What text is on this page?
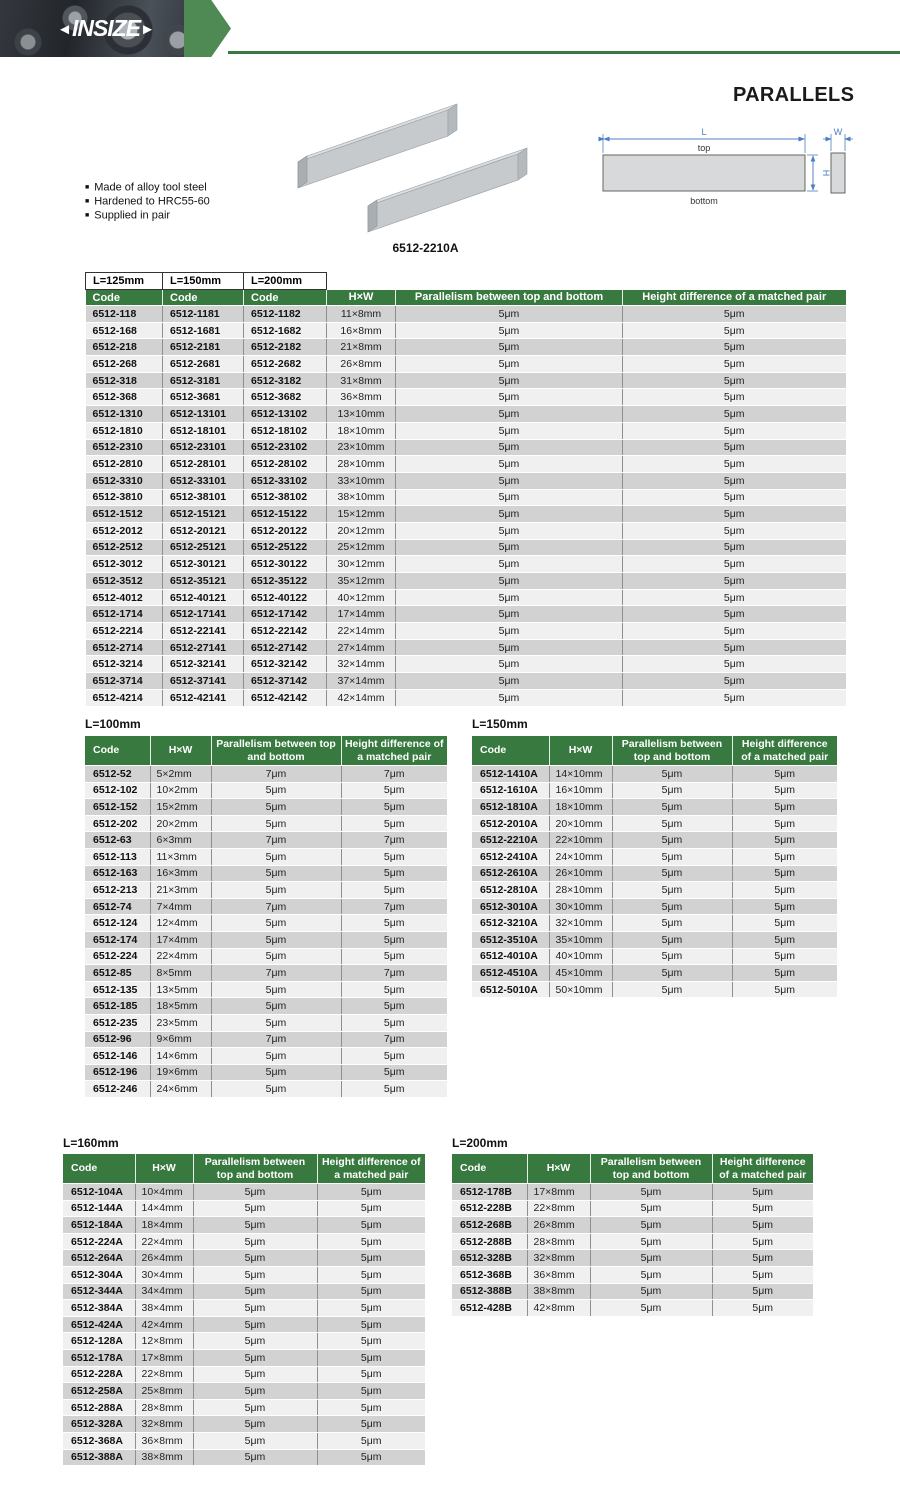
◄INSIZE►
PARALLELS
■ Made of alloy tool steel
■ Hardened to HRC55-60
■ Supplied in pair
6512-2210A
L
top
bottom
H
W
L=125mm	L=150mm	L=200mm			
Code	Code	Code	H×W	Parallelism between top and bottom	Height difference of a matched pair
6512-118	6512-1181	6512-1182	11×8mm	5μm	5μm
6512-168	6512-1681	6512-1682	16×8mm	5μm	5μm
6512-218	6512-2181	6512-2182	21×8mm	5μm	5μm
6512-268	6512-2681	6512-2682	26×8mm	5μm	5μm
6512-318	6512-3181	6512-3182	31×8mm	5μm	5μm
6512-368	6512-3681	6512-3682	36×8mm	5μm	5μm
6512-1310	6512-13101	6512-13102	13×10mm	5μm	5μm
6512-1810	6512-18101	6512-18102	18×10mm	5μm	5μm
6512-2310	6512-23101	6512-23102	23×10mm	5μm	5μm
6512-2810	6512-28101	6512-28102	28×10mm	5μm	5μm
6512-3310	6512-33101	6512-33102	33×10mm	5μm	5μm
6512-3810	6512-38101	6512-38102	38×10mm	5μm	5μm
6512-1512	6512-15121	6512-15122	15×12mm	5μm	5μm
6512-2012	6512-20121	6512-20122	20×12mm	5μm	5μm
6512-2512	6512-25121	6512-25122	25×12mm	5μm	5μm
6512-3012	6512-30121	6512-30122	30×12mm	5μm	5μm
6512-3512	6512-35121	6512-35122	35×12mm	5μm	5μm
6512-4012	6512-40121	6512-40122	40×12mm	5μm	5μm
6512-1714	6512-17141	6512-17142	17×14mm	5μm	5μm
6512-2214	6512-22141	6512-22142	22×14mm	5μm	5μm
6512-2714	6512-27141	6512-27142	27×14mm	5μm	5μm
6512-3214	6512-32141	6512-32142	32×14mm	5μm	5μm
6512-3714	6512-37141	6512-37142	37×14mm	5μm	5μm
6512-4214	6512-42141	6512-42142	42×14mm	5μm	5μm
L=100mm
Code	H×W	Parallelism between top and bottom	Height difference of a matched pair
6512-52	5×2mm	7μm	7μm
6512-102	10×2mm	5μm	5μm
6512-152	15×2mm	5μm	5μm
6512-202	20×2mm	5μm	5μm
6512-63	6×3mm	7μm	7μm
6512-113	11×3mm	5μm	5μm
6512-163	16×3mm	5μm	5μm
6512-213	21×3mm	5μm	5μm
6512-74	7×4mm	7μm	7μm
6512-124	12×4mm	5μm	5μm
6512-174	17×4mm	5μm	5μm
6512-224	22×4mm	5μm	5μm
6512-85	8×5mm	7μm	7μm
6512-135	13×5mm	5μm	5μm
6512-185	18×5mm	5μm	5μm
6512-235	23×5mm	5μm	5μm
6512-96	9×6mm	7μm	7μm
6512-146	14×6mm	5μm	5μm
6512-196	19×6mm	5μm	5μm
6512-246	24×6mm	5μm	5μm
L=150mm
Code	H×W	Parallelism between top and bottom	Height difference of a matched pair
6512-1410A	14×10mm	5μm	5μm
6512-1610A	16×10mm	5μm	5μm
6512-1810A	18×10mm	5μm	5μm
6512-2010A	20×10mm	5μm	5μm
6512-2210A	22×10mm	5μm	5μm
6512-2410A	24×10mm	5μm	5μm
6512-2610A	26×10mm	5μm	5μm
6512-2810A	28×10mm	5μm	5μm
6512-3010A	30×10mm	5μm	5μm
6512-3210A	32×10mm	5μm	5μm
6512-3510A	35×10mm	5μm	5μm
6512-4010A	40×10mm	5μm	5μm
6512-4510A	45×10mm	5μm	5μm
6512-5010A	50×10mm	5μm	5μm
L=160mm
Code	H×W	Parallelism between top and bottom	Height difference of a matched pair
6512-104A	10×4mm	5μm	5μm
6512-144A	14×4mm	5μm	5μm
6512-184A	18×4mm	5μm	5μm
6512-224A	22×4mm	5μm	5μm
6512-264A	26×4mm	5μm	5μm
6512-304A	30×4mm	5μm	5μm
6512-344A	34×4mm	5μm	5μm
6512-384A	38×4mm	5μm	5μm
6512-424A	42×4mm	5μm	5μm
6512-128A	12×8mm	5μm	5μm
6512-178A	17×8mm	5μm	5μm
6512-228A	22×8mm	5μm	5μm
6512-258A	25×8mm	5μm	5μm
6512-288A	28×8mm	5μm	5μm
6512-328A	32×8mm	5μm	5μm
6512-368A	36×8mm	5μm	5μm
6512-388A	38×8mm	5μm	5μm
L=200mm
Code	H×W	Parallelism between top and bottom	Height difference of a matched pair
6512-178B	17×8mm	5μm	5μm
6512-228B	22×8mm	5μm	5μm
6512-268B	26×8mm	5μm	5μm
6512-288B	28×8mm	5μm	5μm
6512-328B	32×8mm	5μm	5μm
6512-368B	36×8mm	5μm	5μm
6512-388B	38×8mm	5μm	5μm
6512-428B	42×8mm	5μm	5μm
